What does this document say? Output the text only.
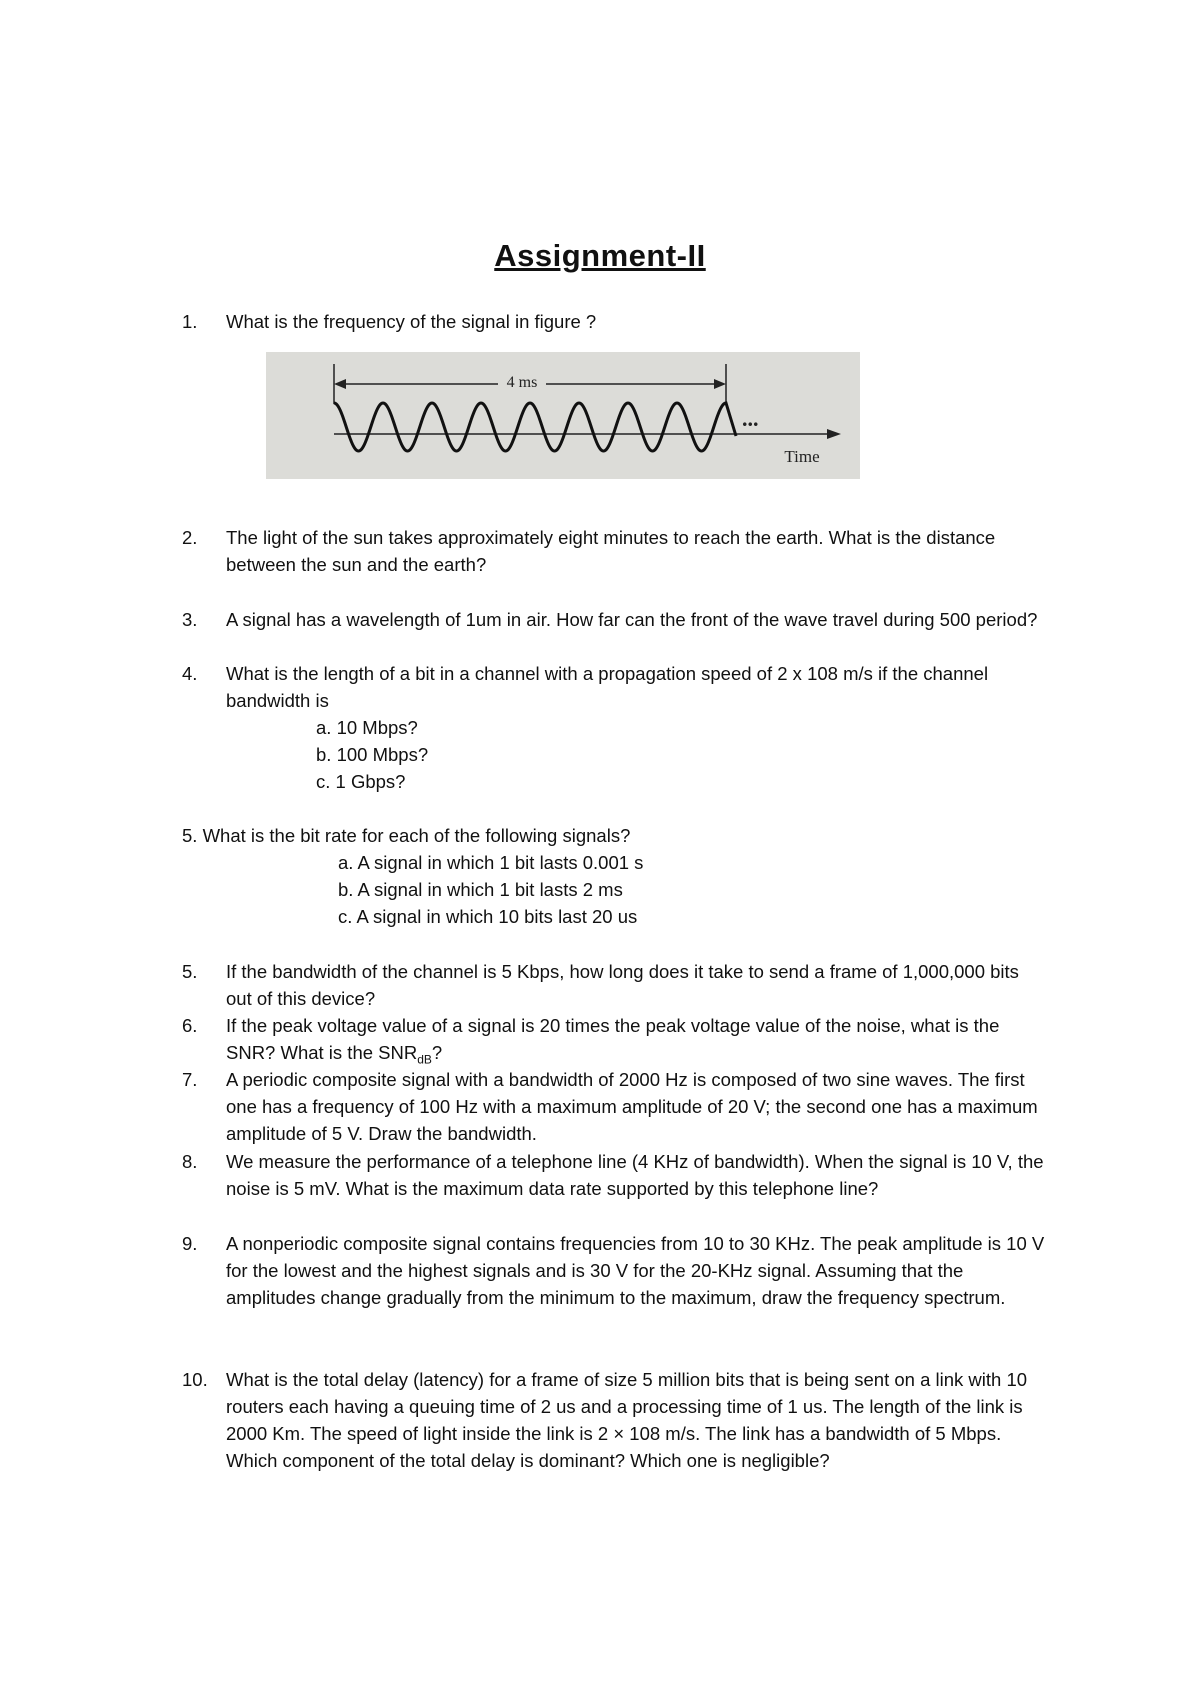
Assignment-II
1. What is the frequency of the signal in figure ?
4 ms
...
Time
2. The light of the sun takes approximately eight minutes to reach the earth. What is the distance between the sun and the earth?
3. A signal has a wavelength of 1um in air. How far can the front of the wave travel during 500 period?
4. What is the length of a bit in a channel with a propagation speed of 2 x 108 m/s if the channel bandwidth is
a. 10 Mbps?
b. 100 Mbps?
c. 1 Gbps?
5. What is the bit rate for each of the following signals?
a. A signal in which 1 bit lasts 0.001 s
b. A signal in which 1 bit lasts 2 ms
c. A signal in which 10 bits last 20 us
5. If the bandwidth of the channel is 5 Kbps, how long does it take to send a frame of 1,000,000 bits out of this device?
6. If the peak voltage value of a signal is 20 times the peak voltage value of the noise, what is the SNR? What is the $SNR_{dB}$?
7. A periodic composite signal with a bandwidth of 2000 Hz is composed of two sine waves. The first one has a frequency of 100 Hz with a maximum amplitude of 20 V; the second one has a maximum amplitude of 5 V. Draw the bandwidth.
8. We measure the performance of a telephone line (4 KHz of bandwidth). When the signal is 10 V, the noise is 5 mV. What is the maximum data rate supported by this telephone line?
9. A nonperiodic composite signal contains frequencies from 10 to 30 KHz. The peak amplitude is 10 V for the lowest and the highest signals and is 30 V for the 20-KHz signal. Assuming that the amplitudes change gradually from the minimum to the maximum, draw the frequency spectrum.
10. What is the total delay (latency) for a frame of size 5 million bits that is being sent on a link with 10 routers each having a queuing time of 2 us and a processing time of 1 us. The length of the link is 2000 Km. The speed of light inside the link is 2 × 108 m/s. The link has a bandwidth of 5 Mbps. Which component of the total delay is dominant? Which one is negligible?
